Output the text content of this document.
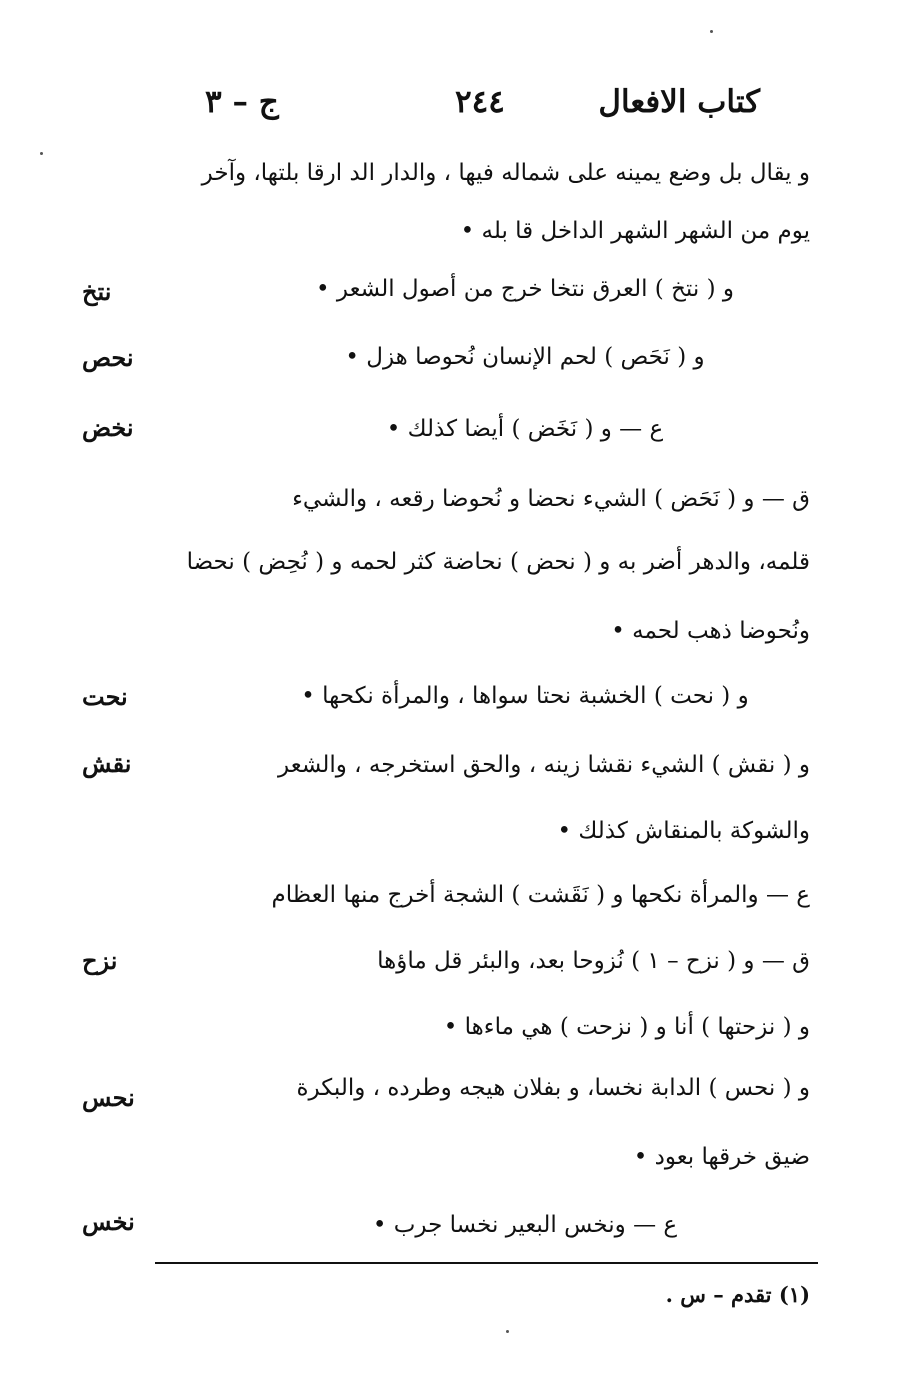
كتاب الافعال
٢٤٤
ج – ٣
و يقال بل وضع يمينه على شماله فيها ، والدار الد ارقا بلتها، وآخر
يوم من الشهر الشهر الداخل قا بله •
و ( نتخ ) العرق نتخا خرج من أصول الشعر •
نتخ
و ( نَحَص ) لحم الإنسان نُحوصا هزل •
نحص
ع — و ( نَخَض ) أيضا كذلك •
نخض
ق — و ( نَحَض ) الشيء نحضا و نُحوضا رقعه ، والشيء
قلمه، والدهر أضر به و ( نحض ) نحاضة كثر لحمه و ( نُحِض ) نحضا
ونُحوضا ذهب لحمه •
و ( نحت ) الخشبة نحتا سواها ، والمرأة نكحها •
نحت
و ( نقش ) الشيء نقشا زينه ، والحق استخرجه ، والشعر
نقش
والشوكة بالمنقاش كذلك •
ع — والمرأة نكحها و ( نَقَشت ) الشجة أخرج منها العظام
ق — و ( نزح – ١ ) نُزوحا بعد، والبئر قل ماؤها
نزح
و ( نزحتها ) أنا و ( نزحت ) هي ماءها •
و ( نحس ) الدابة نخسا، و بفلان هيجه وطرده ، والبكرة
نحس
ضيق خرقها بعود •
ع — ونخس البعير نخسا جرب •
نخس
(١) تقدم – س .
